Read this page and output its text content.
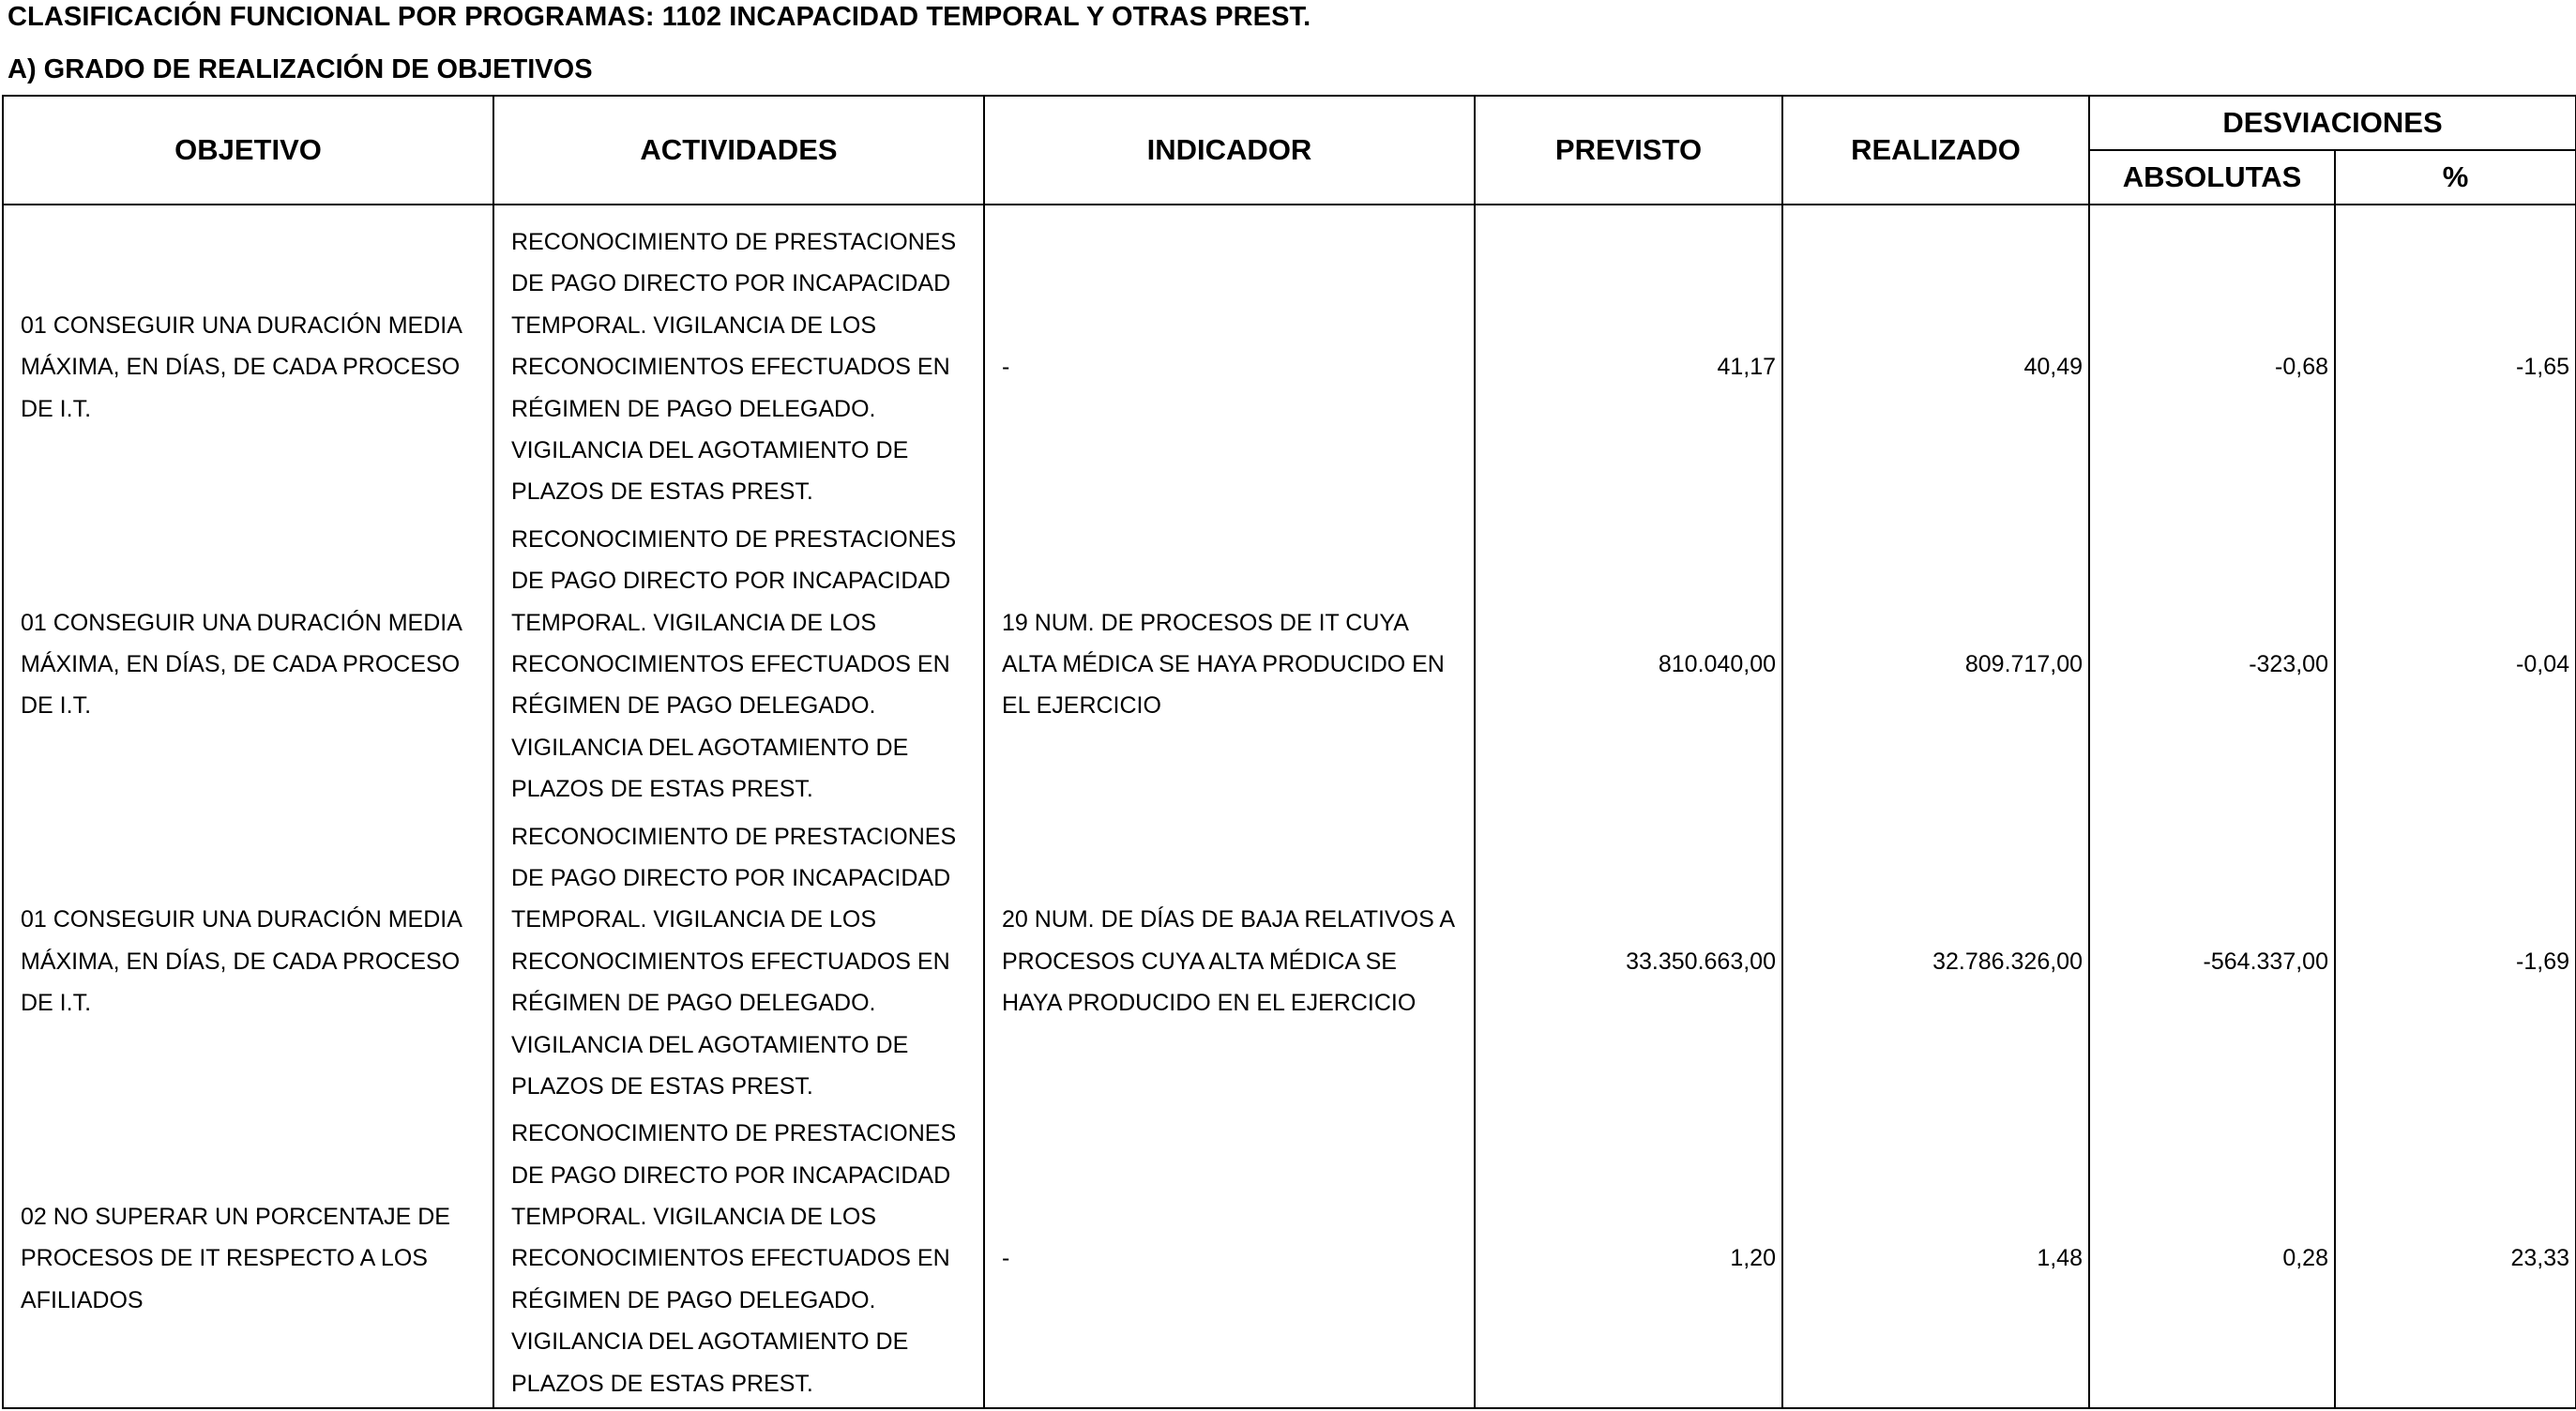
CLASIFICACIÓN FUNCIONAL POR PROGRAMAS: 1102 INCAPACIDAD TEMPORAL Y OTRAS PREST.
A) GRADO DE REALIZACIÓN DE OBJETIVOS
OBJETIVO	ACTIVIDADES	INDICADOR	PREVISTO	REALIZADO	DESVIACIONES	
					ABSOLUTAS	%
01 CONSEGUIR UNA DURACIÓN MEDIA MÁXIMA, EN DÍAS, DE CADA PROCESO DE I.T.	RECONOCIMIENTO DE PRESTACIONES DE PAGO DIRECTO POR INCAPACIDAD TEMPORAL. VIGILANCIA DE LOS RECONOCIMIENTOS EFECTUADOS EN RÉGIMEN DE PAGO DELEGADO. VIGILANCIA DEL AGOTAMIENTO DE PLAZOS DE ESTAS PREST.	-	41,17	40,49	-0,68	-1,65
01 CONSEGUIR UNA DURACIÓN MEDIA MÁXIMA, EN DÍAS, DE CADA PROCESO DE I.T.	RECONOCIMIENTO DE PRESTACIONES DE PAGO DIRECTO POR INCAPACIDAD TEMPORAL. VIGILANCIA DE LOS RECONOCIMIENTOS EFECTUADOS EN RÉGIMEN DE PAGO DELEGADO. VIGILANCIA DEL AGOTAMIENTO DE PLAZOS DE ESTAS PREST.	19 NUM. DE PROCESOS DE IT CUYA ALTA MÉDICA SE HAYA PRODUCIDO EN EL EJERCICIO	810.040,00	809.717,00	-323,00	-0,04
01 CONSEGUIR UNA DURACIÓN MEDIA MÁXIMA, EN DÍAS, DE CADA PROCESO DE I.T.	RECONOCIMIENTO DE PRESTACIONES DE PAGO DIRECTO POR INCAPACIDAD TEMPORAL. VIGILANCIA DE LOS RECONOCIMIENTOS EFECTUADOS EN RÉGIMEN DE PAGO DELEGADO. VIGILANCIA DEL AGOTAMIENTO DE PLAZOS DE ESTAS PREST.	20 NUM. DE DÍAS DE BAJA RELATIVOS A PROCESOS CUYA ALTA MÉDICA SE HAYA PRODUCIDO EN EL EJERCICIO	33.350.663,00	32.786.326,00	-564.337,00	-1,69
02 NO SUPERAR UN PORCENTAJE DE PROCESOS DE IT RESPECTO A LOS AFILIADOS	RECONOCIMIENTO DE PRESTACIONES DE PAGO DIRECTO POR INCAPACIDAD TEMPORAL. VIGILANCIA DE LOS RECONOCIMIENTOS EFECTUADOS EN RÉGIMEN DE PAGO DELEGADO. VIGILANCIA DEL AGOTAMIENTO DE PLAZOS DE ESTAS PREST.	-	1,20	1,48	0,28	23,33
